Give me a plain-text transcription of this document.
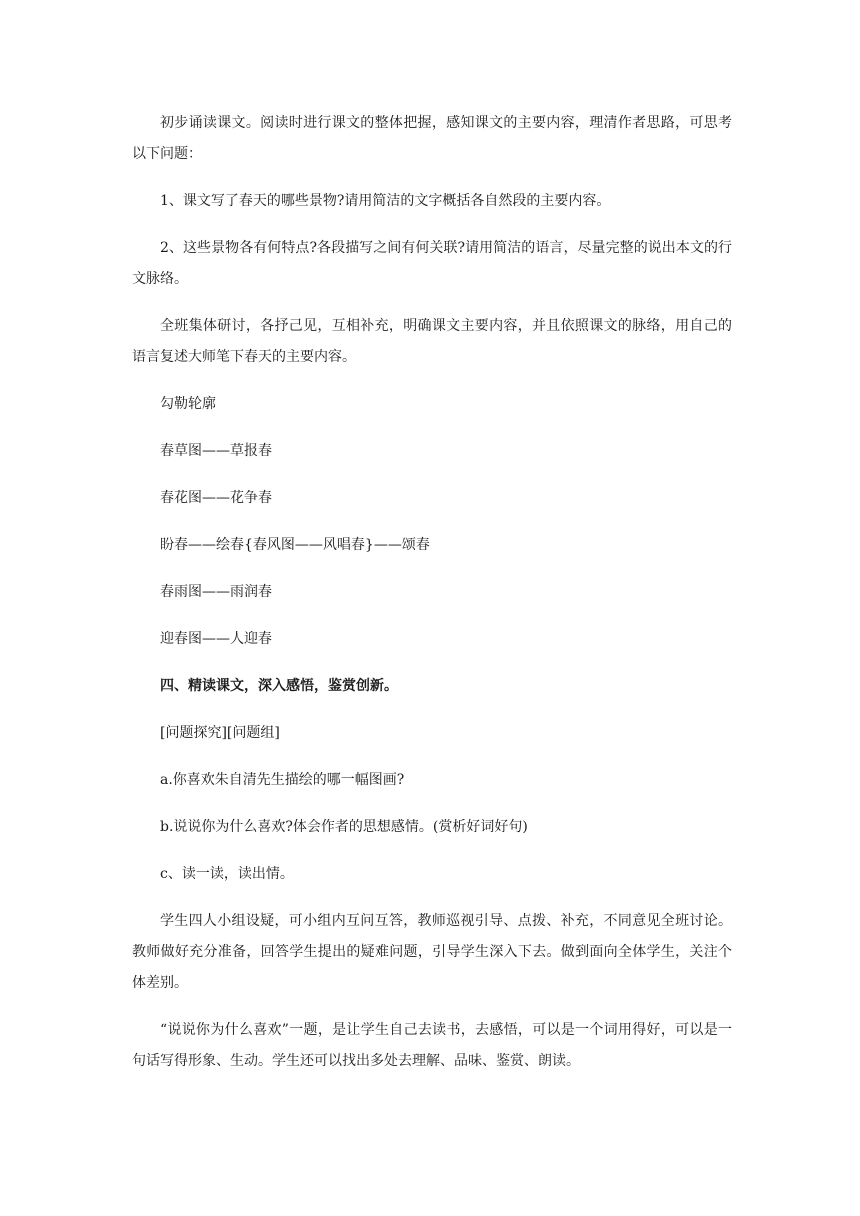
初步诵读课文。阅读时进行课文的整体把握，感知课文的主要内容，理清作者思路，可思考以下问题：

1、课文写了春天的哪些景物?请用简洁的文字概括各自然段的主要内容。

2、这些景物各有何特点?各段描写之间有何关联?请用简洁的语言，尽量完整的说出本文的行文脉络。

全班集体研讨，各抒己见，互相补充，明确课文主要内容，并且依照课文的脉络，用自己的语言复述大师笔下春天的主要内容。

勾勒轮廓

春草图——草报春

春花图——花争春

盼春——绘春{春风图——风唱春}——颂春

春雨图——雨润春

迎春图——人迎春

四、精读课文，深入感悟，鉴赏创新。

[问题探究][问题组]

a.你喜欢朱自清先生描绘的哪一幅图画?

b.说说你为什么喜欢?体会作者的思想感情。(赏析好词好句)

c、读一读，读出情。

学生四人小组设疑，可小组内互问互答，教师巡视引导、点拨、补充，不同意见全班讨论。教师做好充分准备，回答学生提出的疑难问题，引导学生深入下去。做到面向全体学生，关注个体差别。

“说说你为什么喜欢”一题，是让学生自己去读书，去感悟，可以是一个词用得好，可以是一句话写得形象、生动。学生还可以找出多处去理解、品味、鉴赏、朗读。
